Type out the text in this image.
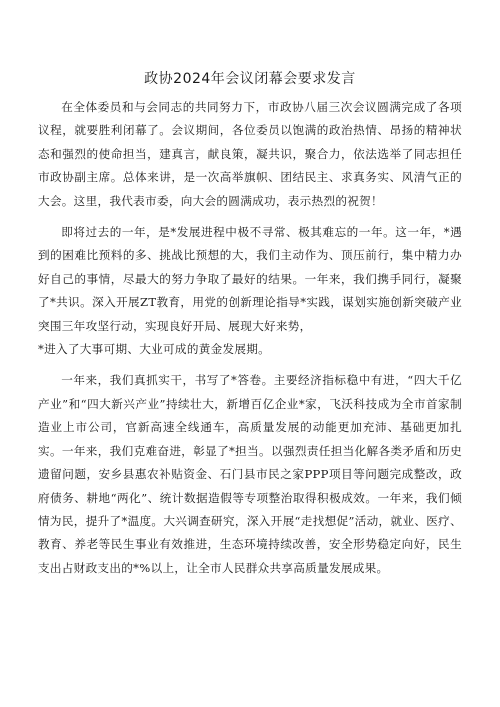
政协2024年会议闭幕会要求发言

在全体委员和与会同志的共同努力下，市政协八届三次会议圆满完成了各项议程，就要胜利闭幕了。会议期间，各位委员以饱满的政治热情、昂扬的精神状态和强烈的使命担当，建真言，献良策，凝共识，聚合力，依法选举了同志担任市政协副主席。总体来讲，是一次高举旗帜、团结民主、求真务实、风清气正的大会。这里，我代表市委，向大会的圆满成功，表示热烈的祝贺！

即将过去的一年，是*发展进程中极不寻常、极其难忘的一年。这一年，*遇到的困难比预料的多、挑战比预想的大，我们主动作为、顶压前行，集中精力办好自己的事情，尽最大的努力争取了最好的结果。一年来，我们携手同行，凝聚了*共识。深入开展ZT教育，用党的创新理论指导*实践，谋划实施创新突破产业突围三年攻坚行动，实现良好开局、展现大好来势，

*进入了大事可期、大业可成的黄金发展期。

一年来，我们真抓实干，书写了*答卷。主要经济指标稳中有进，“四大千亿产业”和“四大新兴产业”持续壮大，新增百亿企业*家，飞沃科技成为全市首家制造业上市公司，官新高速全线通车，高质量发展的动能更加充沛、基础更加扎实。一年来，我们克难奋进，彰显了*担当。以强烈责任担当化解各类矛盾和历史遗留问题，安乡县惠农补贴资金、石门县市民之家PPP项目等问题完成整改，政府债务、耕地“两化”、统计数据造假等专项整治取得积极成效。一年来，我们倾情为民，提升了*温度。大兴调查研究，深入开展“走找想促”活动，就业、医疗、教育、养老等民生事业有效推进，生态环境持续改善，安全形势稳定向好，民生支出占财政支出的*%以上，让全市人民群众共享高质量发展成果。
